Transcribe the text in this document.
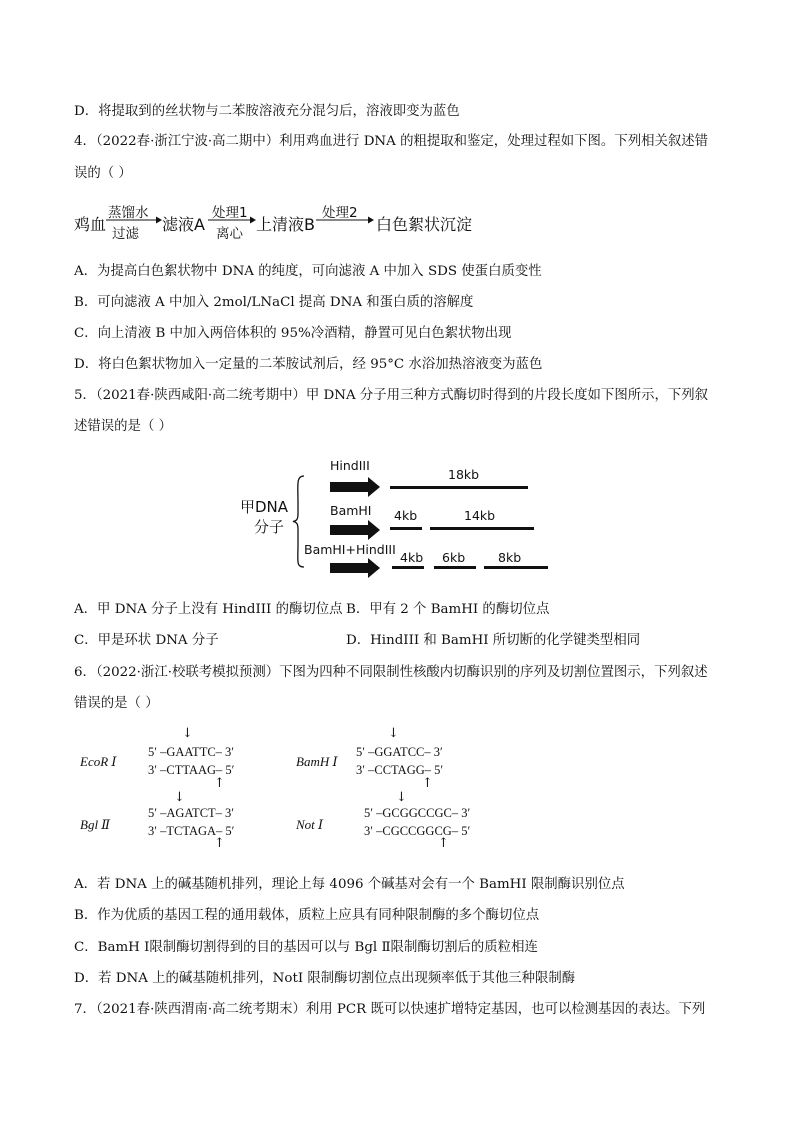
D．将提取到的丝状物与二苯胺溶液充分混匀后，溶液即变为蓝色
4．（2022春·浙江宁波·高二期中）利用鸡血进行 DNA 的粗提取和鉴定，处理过程如下图。下列相关叙述错
误的（ ）
鸡血
蒸馏水
过滤 滤液A
处理1
离心 上清液B
处理2
白色絮状沉淀
A．为提高白色絮状物中 DNA 的纯度，可向滤液 A 中加入 SDS 使蛋白质变性
B．可向滤液 A 中加入 2mol/LNaCl 提高 DNA 和蛋白质的溶解度
C．向上清液 B 中加入两倍体积的 95%冷酒精，静置可见白色絮状物出现
D．将白色絮状物加入一定量的二苯胺试剂后，经 95°C 水浴加热溶液变为蓝色
5．（2021春·陕西咸阳·高二统考期中）甲 DNA 分子用三种方式酶切时得到的片段长度如下图所示，下列叙
述错误的是（ ）
甲DNA
分子
HindIII
18kb
BamHI 4kb	14kb
BamHI+HindIII
4kb 6kb	8kb
A．甲 DNA 分子上没有 HindIII 的酶切位点 B．甲有 2 个 BamHI 的酶切位点
C．甲是环状 DNA 分子	D．HindIII 和 BamHI 所切断的化学键类型相同
6．（2022·浙江·校联考模拟预测）下图为四种不同限制性核酸内切酶识别的序列及切割位置图示，下列叙述
错误的是（ ）
EcoR Ⅰ
↓
5′ –GAATTC– 3′
3′ –CTTAAG– 5′
↑
BamH Ⅰ
↓
5′ –GGATCC– 3′
3′ –CCTAGG– 5′
↑
Bgl Ⅱ
↓
5′ –AGATCT– 3′
3′ –TCTAGA– 5′
↑
Not Ⅰ
↓
5′ –GCGGCCGC– 3′
3′ –CGCCGGCG– 5′
↑
A．若 DNA 上的碱基随机排列，理论上每 4096 个碱基对会有一个 BamHI 限制酶识别位点
B．作为优质的基因工程的通用载体，质粒上应具有同种限制酶的多个酶切位点
C．BamH Ⅰ限制酶切割得到的目的基因可以与 Bgl Ⅱ限制酶切割后的质粒相连
D．若 DNA 上的碱基随机排列，NotI 限制酶切割位点出现频率低于其他三种限制酶
7．（2021春·陕西渭南·高二统考期末）利用 PCR 既可以快速扩增特定基因，也可以检测基因的表达。下列
